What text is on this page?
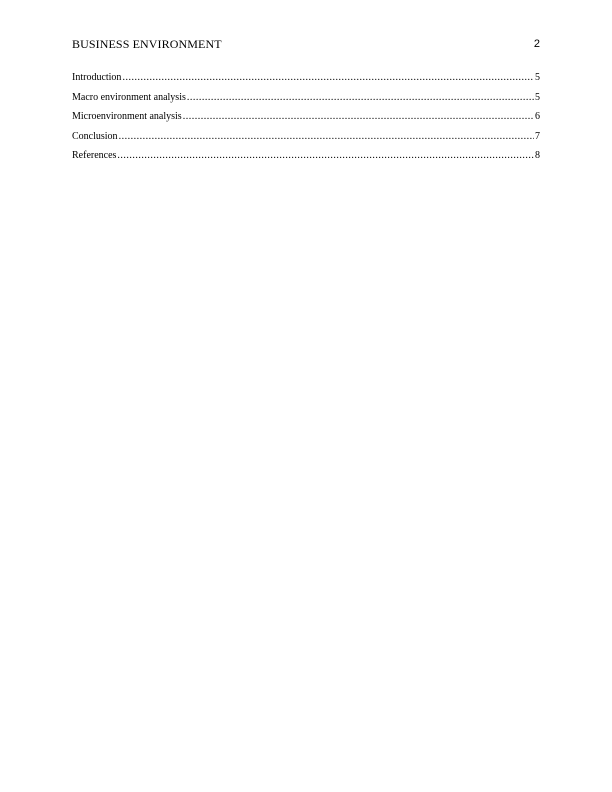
BUSINESS ENVIRONMENT	2
Introduction .....	5
Macro environment analysis .....	5
Microenvironment analysis .....	6
Conclusion .....	7
References .....	8
